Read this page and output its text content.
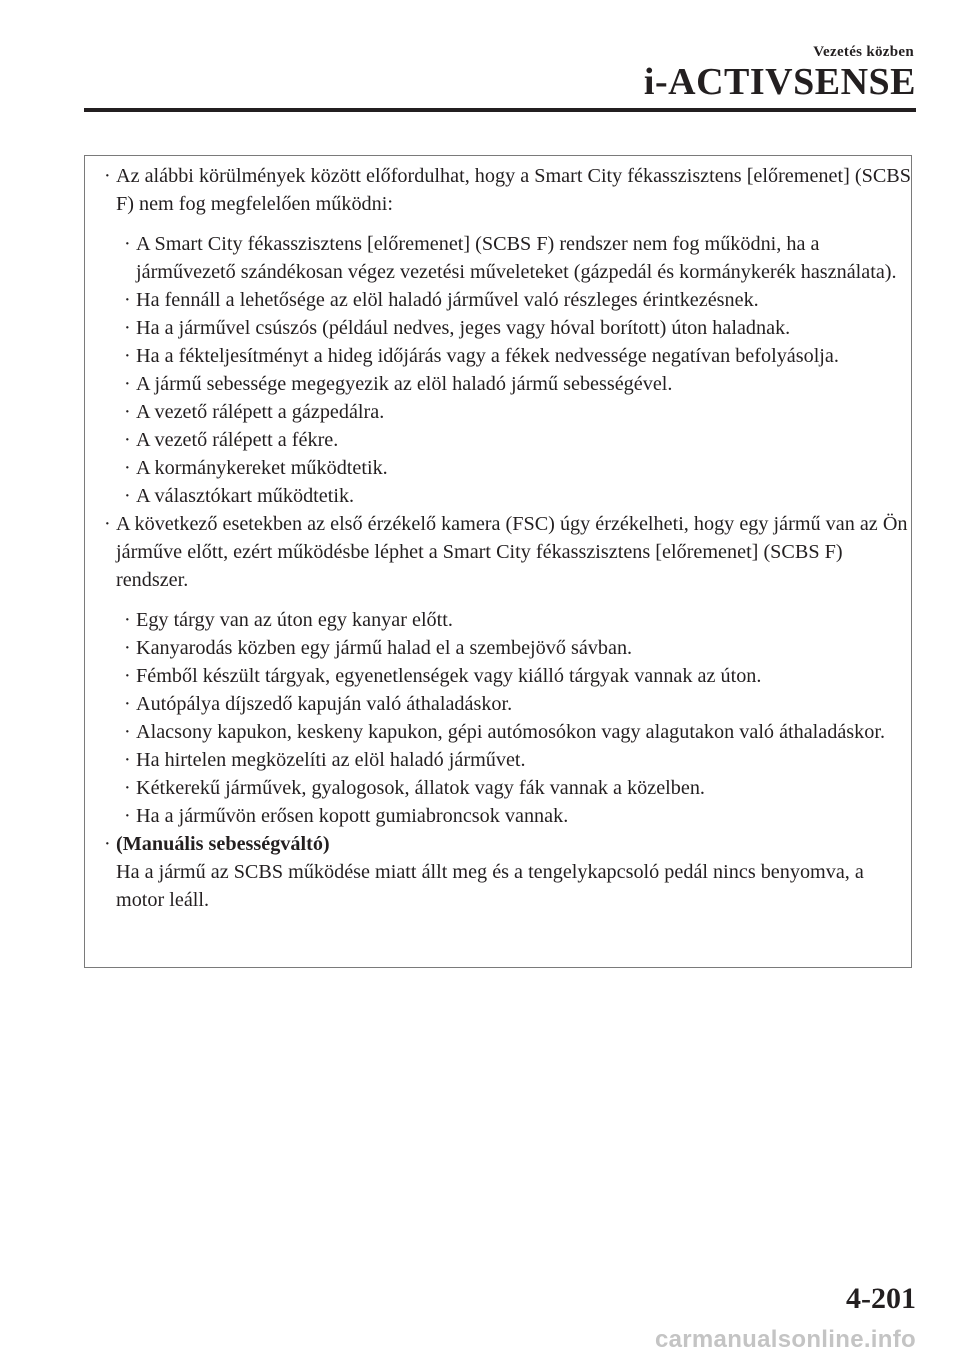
Vezetés közben
i-ACTIVSENSE
· Az alábbi körülmények között előfordulhat, hogy a Smart City fékasszisztens [előremenet] (SCBS F) nem fog megfelelően működni:
· A Smart City fékasszisztens [előremenet] (SCBS F) rendszer nem fog működni, ha a járművezető szándékosan végez vezetési műveleteket (gázpedál és kormánykerék használata).
· Ha fennáll a lehetősége az elöl haladó járművel való részleges érintkezésnek.
· Ha a járművel csúszós (például nedves, jeges vagy hóval borított) úton haladnak.
· Ha a fékteljesítményt a hideg időjárás vagy a fékek nedvessége negatívan befolyásolja.
· A jármű sebessége megegyezik az elöl haladó jármű sebességével.
· A vezető rálépett a gázpedálra.
· A vezető rálépett a fékre.
· A kormánykereket működtetik.
· A választókart működtetik.
· A következő esetekben az első érzékelő kamera (FSC) úgy érzékelheti, hogy egy jármű van az Ön járműve előtt, ezért működésbe léphet a Smart City fékasszisztens [előremenet] (SCBS F) rendszer.
· Egy tárgy van az úton egy kanyar előtt.
· Kanyarodás közben egy jármű halad el a szembejövő sávban.
· Fémből készült tárgyak, egyenetlenségek vagy kiálló tárgyak vannak az úton.
· Autópálya díjszedő kapuján való áthaladáskor.
· Alacsony kapukon, keskeny kapukon, gépi autómosókon vagy alagutakon való áthaladáskor.
· Ha hirtelen megközelíti az elöl haladó járművet.
· Kétkerekű járművek, gyalogosok, állatok vagy fák vannak a közelben.
· Ha a járművön erősen kopott gumiabroncsok vannak.
· (Manuális sebességváltó)
Ha a jármű az SCBS működése miatt állt meg és a tengelykapcsoló pedál nincs benyomva, a motor leáll.
4-201
carmanualsonline.info
